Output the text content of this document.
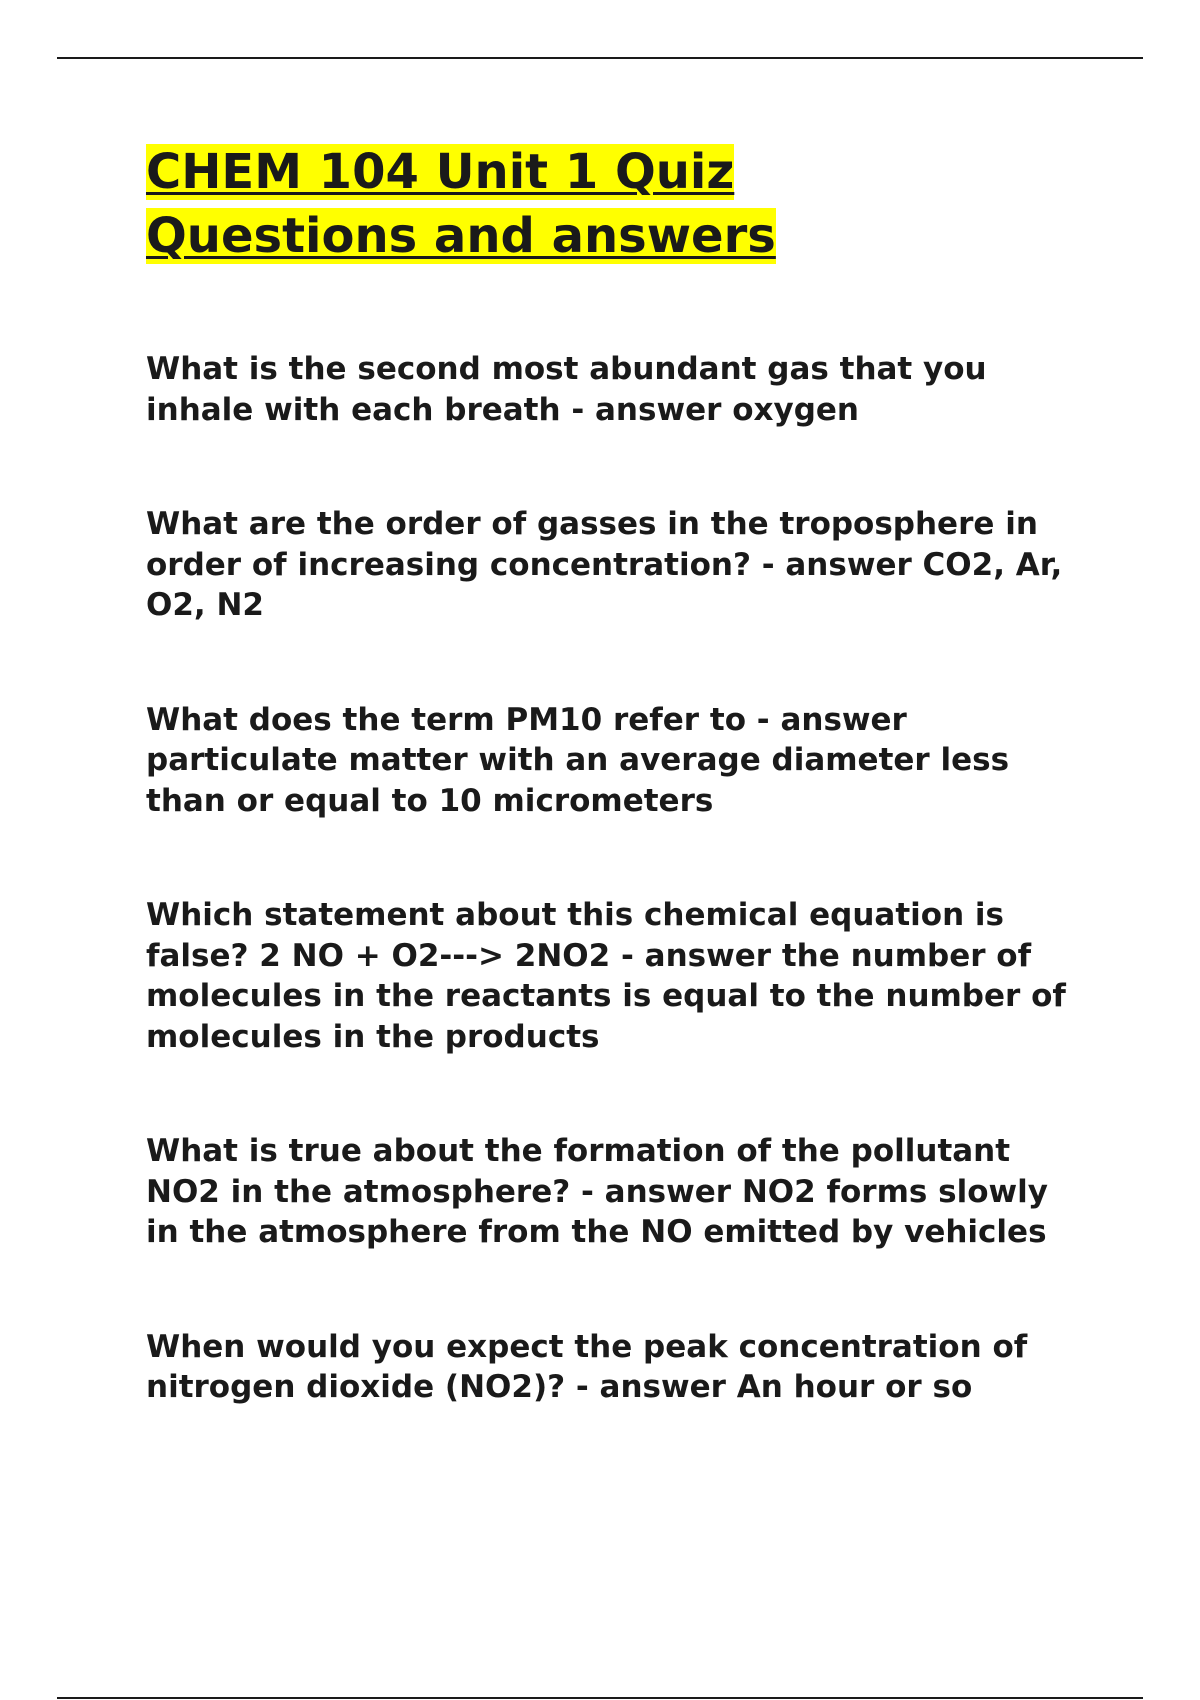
CHEM 104 Unit 1 Quiz Questions and answers

What is the second most abundant gas that you inhale with each breath - answer oxygen

What are the order of gasses in the troposphere in order of increasing concentration? - answer CO2, Ar, O2, N2

What does the term PM10 refer to - answer particulate matter with an average diameter less than or equal to 10 micrometers

Which statement about this chemical equation is false? 2 NO + O2---> 2NO2 - answer the number of molecules in the reactants is equal to the number of molecules in the products

What is true about the formation of the pollutant NO2 in the atmosphere? - answer NO2 forms slowly in the atmosphere from the NO emitted by vehicles

When would you expect the peak concentration of nitrogen dioxide (NO2)? - answer An hour or so
